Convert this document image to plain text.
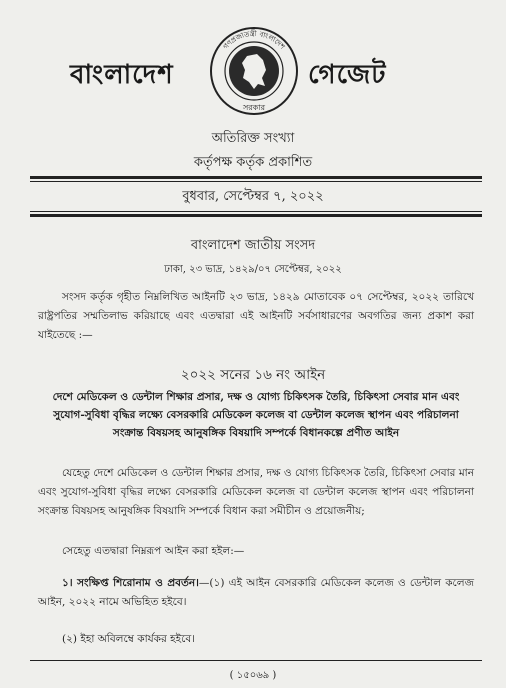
বাংলাদেশ
গণপ্রজাতন্ত্রী বাংলাদেশ
সরকার
গেজেট
অতিরিক্ত সংখ্যা
কর্তৃপক্ষ কর্তৃক প্রকাশিত
বুধবার, সেপ্টেম্বর ৭, ২০২২
বাংলাদেশ জাতীয় সংসদ
ঢাকা, ২৩ ভাদ্র, ১৪২৯/০৭ সেপ্টেম্বর, ২০২২
সংসদ কর্তৃক গৃহীত নিম্নলিখিত আইনটি ২৩ ভাদ্র, ১৪২৯ মোতাবেক ০৭ সেপ্টেম্বর, ২০২২ তারিখে রাষ্ট্রপতির সম্মতিলাভ করিয়াছে এবং এতদ্বারা এই আইনটি সর্বসাধারণের অবগতির জন্য প্রকাশ করা যাইতেছে :—
২০২২ সনের ১৬ নং আইন
দেশে মেডিকেল ও ডেন্টাল শিক্ষার প্রসার, দক্ষ ও যোগ্য চিকিৎসক তৈরি, চিকিৎসা সেবার মান এবং সুযোগ-সুবিধা বৃদ্ধির লক্ষ্যে বেসরকারি মেডিকেল কলেজ বা ডেন্টাল কলেজ স্থাপন এবং পরিচালনা সংক্রান্ত বিষয়সহ আনুষঙ্গিক বিষয়াদি সম্পর্কে বিধানকল্পে প্রণীত আইন
যেহেতু দেশে মেডিকেল ও ডেন্টাল শিক্ষার প্রসার, দক্ষ ও যোগ্য চিকিৎসক তৈরি, চিকিৎসা সেবার মান এবং সুযোগ-সুবিধা বৃদ্ধির লক্ষ্যে বেসরকারি মেডিকেল কলেজ বা ডেন্টাল কলেজ স্থাপন এবং পরিচালনা সংক্রান্ত বিষয়সহ আনুষঙ্গিক বিষয়াদি সম্পর্কে বিধান করা সমীচীন ও প্রয়োজনীয়;
সেহেতু এতদ্বারা নিম্নরূপ আইন করা হইল:—
১। সংক্ষিপ্ত শিরোনাম ও প্রবর্তন।—(১) এই আইন বেসরকারি মেডিকেল কলেজ ও ডেন্টাল কলেজ আইন, ২০২২ নামে অভিহিত হইবে।
(২) ইহা অবিলম্বে কার্যকর হইবে।
( ১৫০৬৯ )
